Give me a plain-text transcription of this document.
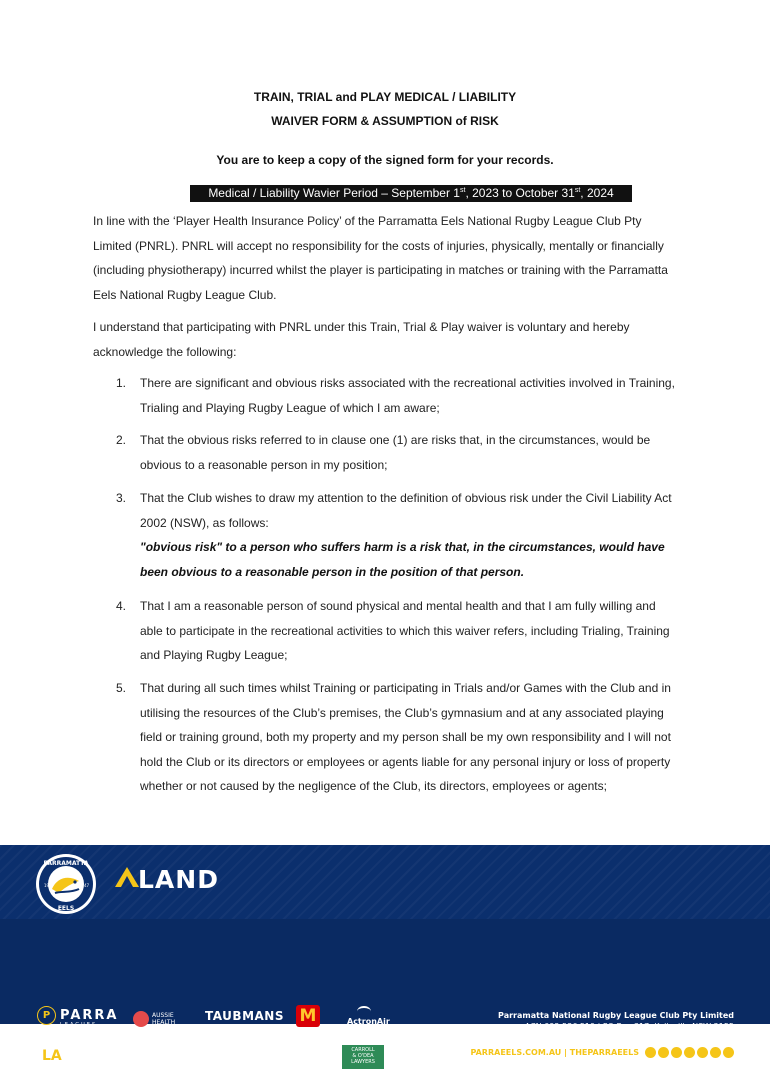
TRAIN, TRIAL and PLAY MEDICAL / LIABILITY
WAIVER FORM & ASSUMPTION of RISK
You are to keep a copy of the signed form for your records.
Medical / Liability Wavier Period – September 1st, 2023 to October 31st, 2024

In line with the ‘Player Health Insurance Policy’ of the Parramatta Eels National Rugby League Club Pty Limited (PNRL). PNRL will accept no responsibility for the costs of injuries, physically, mentally or financially (including physiotherapy) incurred whilst the player is participating in matches or training with the Parramatta Eels National Rugby League Club.

I understand that participating with PNRL under this Train, Trial & Play waiver is voluntary and hereby acknowledge the following:

1.	There are significant and obvious risks associated with the recreational activities involved in Training, Trialing and Playing Rugby League of which I am aware;
2.	That the obvious risks referred to in clause one (1) are risks that, in the circumstances, would be obvious to a reasonable person in my position;
3.	That the Club wishes to draw my attention to the definition of obvious risk under the Civil Liability Act 2002 (NSW), as follows:
"obvious risk" to a person who suffers harm is a risk that, in the circumstances, would have been obvious to a reasonable person in the position of that person.
4.	That I am a reasonable person of sound physical and mental health and that I am fully willing and able to participate in the recreational activities to which this waiver refers, including Trialing, Training and Playing Rugby League;
5.	That during all such times whilst Training or participating in Trials and/or Games with the Club and in utilising the resources of the Club’s premises, the Club’s gymnasium and at any associated playing field or training ground, both my property and my person shall be my own responsibility and I will not hold the Club or its directors or employees or agents liable for any personal injury or loss of property whether or not caused by the negligence of the Club, its directors, employees or agents;
PARRAMATTA
EELS
19	47 LAND
P PARRA
LEAGUES
AUSSIE
HEALTH TAUBMANS M	ActronAir
LA Lending
Association	macron	SUBARU
Trivett Sydney
CARROLL
& O'DEA
LAWYERS
Parramatta National Rugby League Club Pty Limited
ACN 092 536 519 | PO Box 317, Kellyville NSW 2155
eels.reception@parraeels.com.au | 1300 258 346
PARRAEELS.COM.AU | THEPARRAEELS
